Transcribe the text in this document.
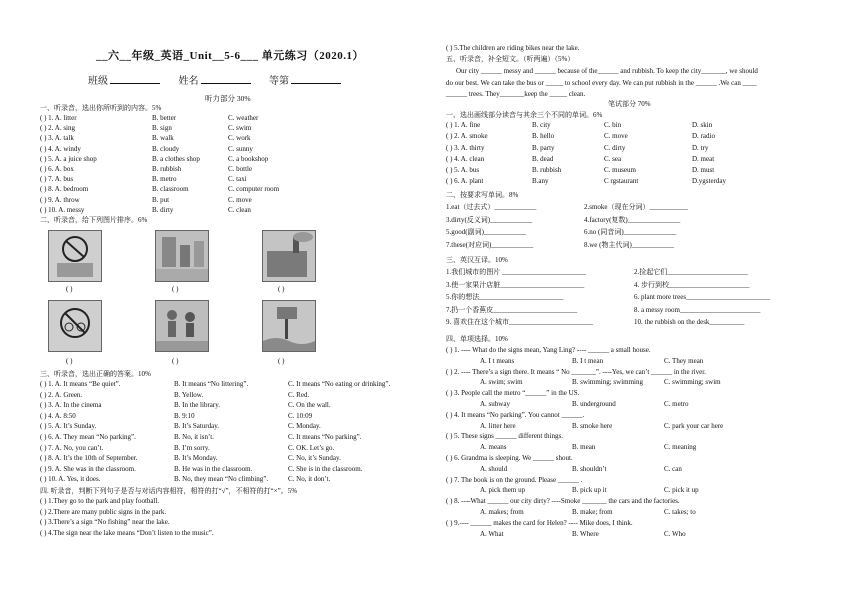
__六__年级_英语_Unit__5-6___ 单元练习（2020.1）
班级	姓名	等第
听力部分 30%
一、听录音，选出你所听到的内容。5%
( ) 1. A. litter	B. better	C. weather
( ) 2. A. sing	B. sign	C. swim
( ) 3. A. talk	B. walk	C. work
( ) 4. A. windy	B. cloudy	C. sunny
( ) 5. A. a juice shop	B. a clothes shop	C. a bookshop
( ) 6. A. box	B. rubbish	C. bottle
( ) 7. A. bus	B. metro	C. taxi
( ) 8. A. bedroom	B. classroom	C. computer room
( ) 9. A. throw	B. put	C. move
( ) 10. A. messy	B. dirty	C. clean
二、听录音，给下列图片排序。6%
( )	( )	( )
( )	( )	( )
三、听录音，选出正确的答案。10%
( ) 1. A. It means “Be quiet”.	B. It means “No littering”.	C. It means “No eating or drinking”.
( ) 2. A. Green.	B. Yellow.	C. Red.
( ) 3. A. In the cinema	B. In the library.	C. On the wall.
( ) 4. A. 8:50	B. 9:10	C. 10:09
( ) 5. A. It’s Sunday.	B. It’s Saturday.	C. Monday.
( ) 6. A. They mean “No parking”.	B. No, it isn’t.	C. It means “No parking”.
( ) 7. A. No, you can’t.	B. I’m sorry.	C. OK. Let’s go.
( ) 8. A. It’s the 10th of September.	B. It’s Monday.	C. No, it’s Sunday.
( ) 9. A. She was in the classroom.	B. He was in the classroom.	C. She is in the classroom.
( ) 10. A. Yes, it does.	B. No, they mean “No climbing”.	C. No, it don’t.
四. 听录音，判断下列句子是否与对话内容相符，相符的打“√”，不相符的打“×”。5%
( ) 1.They go to the park and play football.
( ) 2.There are many public signs in the park.
( ) 3.There’s a sign “No fishing” near the lake.
( ) 4.The sign near the lake means “Don’t listen to the music”.
( ) 5.The children are riding bikes near the lake.
五、听录音，补全短文。（听两遍）（5%）
Our city ______ messy and ______ because of the______ and rubbish. To keep the city_______, we should
do our best. We can take the bus or _____ to school every day. We can put rubbish in the ______ .We can ____
______ trees. They_______keep the _____ clean.
笔试部分 70%
一、选出画线部分读音与其余三个不同的单词。6%
( ) 1. A. fine	B. city	C. bin	D. skin
( ) 2. A. smoke	B. hello	C. move	D. radio
( ) 3. A. thirty	B. party	C. dirty	D. try
( ) 4. A. clean	B. dead	C. sea	D. meat
( ) 5. A. bus	B. rubbish	C. museum	D. must
( ) 6. A. plant	B.any	C rgstaurant	D.ygsterday
二、按要求写单词。8%
1.eat（过去式）____________	2.smoke（现在分词）___________
3.dirty(反义词)____________	4.factory(复数)_______________
5.good(副词)____________	6.no (同音词)_______________
7.these(对应词)____________	8.we (物主代词)____________
三、英汉互译。10%
1.我们城市的图片 ________________________	2.捡起它们_______________________
3.使一家果汁店脏________________________	4. 步行到校_______________________
5.你的想法________________________	6. plant more trees________________________
7.扔一个香蕉皮________________________	8. a messy room_______________________
9. 喜欢住在这个城市________________________	10. the rubbish on the desk__________
四、单项选择。10%
( ) 1. ---- What do the signs mean, Yang Ling? ---- ______ a small house.
A. I t means	B. I t mean	C. They mean
( ) 2. ---- There’s a sign there. It means “ No _______”. ----Yes, we can’t ______ in the river.
A. swim; swim	B. swimming; swimming	C. swimming; swim
( ) 3. People call the metro “______” in the US.
A. subway	B. underground	C. metro
( ) 4. It means “No parking”. You cannot ______.
A. litter here	B. smoke here	C. park your car here
( ) 5. These signs ______ different things.
A. means	B. mean	C. meaning
( ) 6. Grandma is sleeping. We ______ shout.
A. should	B. shouldn’t	C. can
( ) 7. The book is on the ground. Please ______ .
A. pick them up	B. pick up it	C. pick it up
( ) 8. ----What ______ our city dirty? ----Smoke _______ the cars and the factories.
A. makes; from	B. make; from	C. takes; to
( ) 9.---- ______ makes the card for Helen? ---- Mike does, I think.
A. What	B. Where	C. Who
